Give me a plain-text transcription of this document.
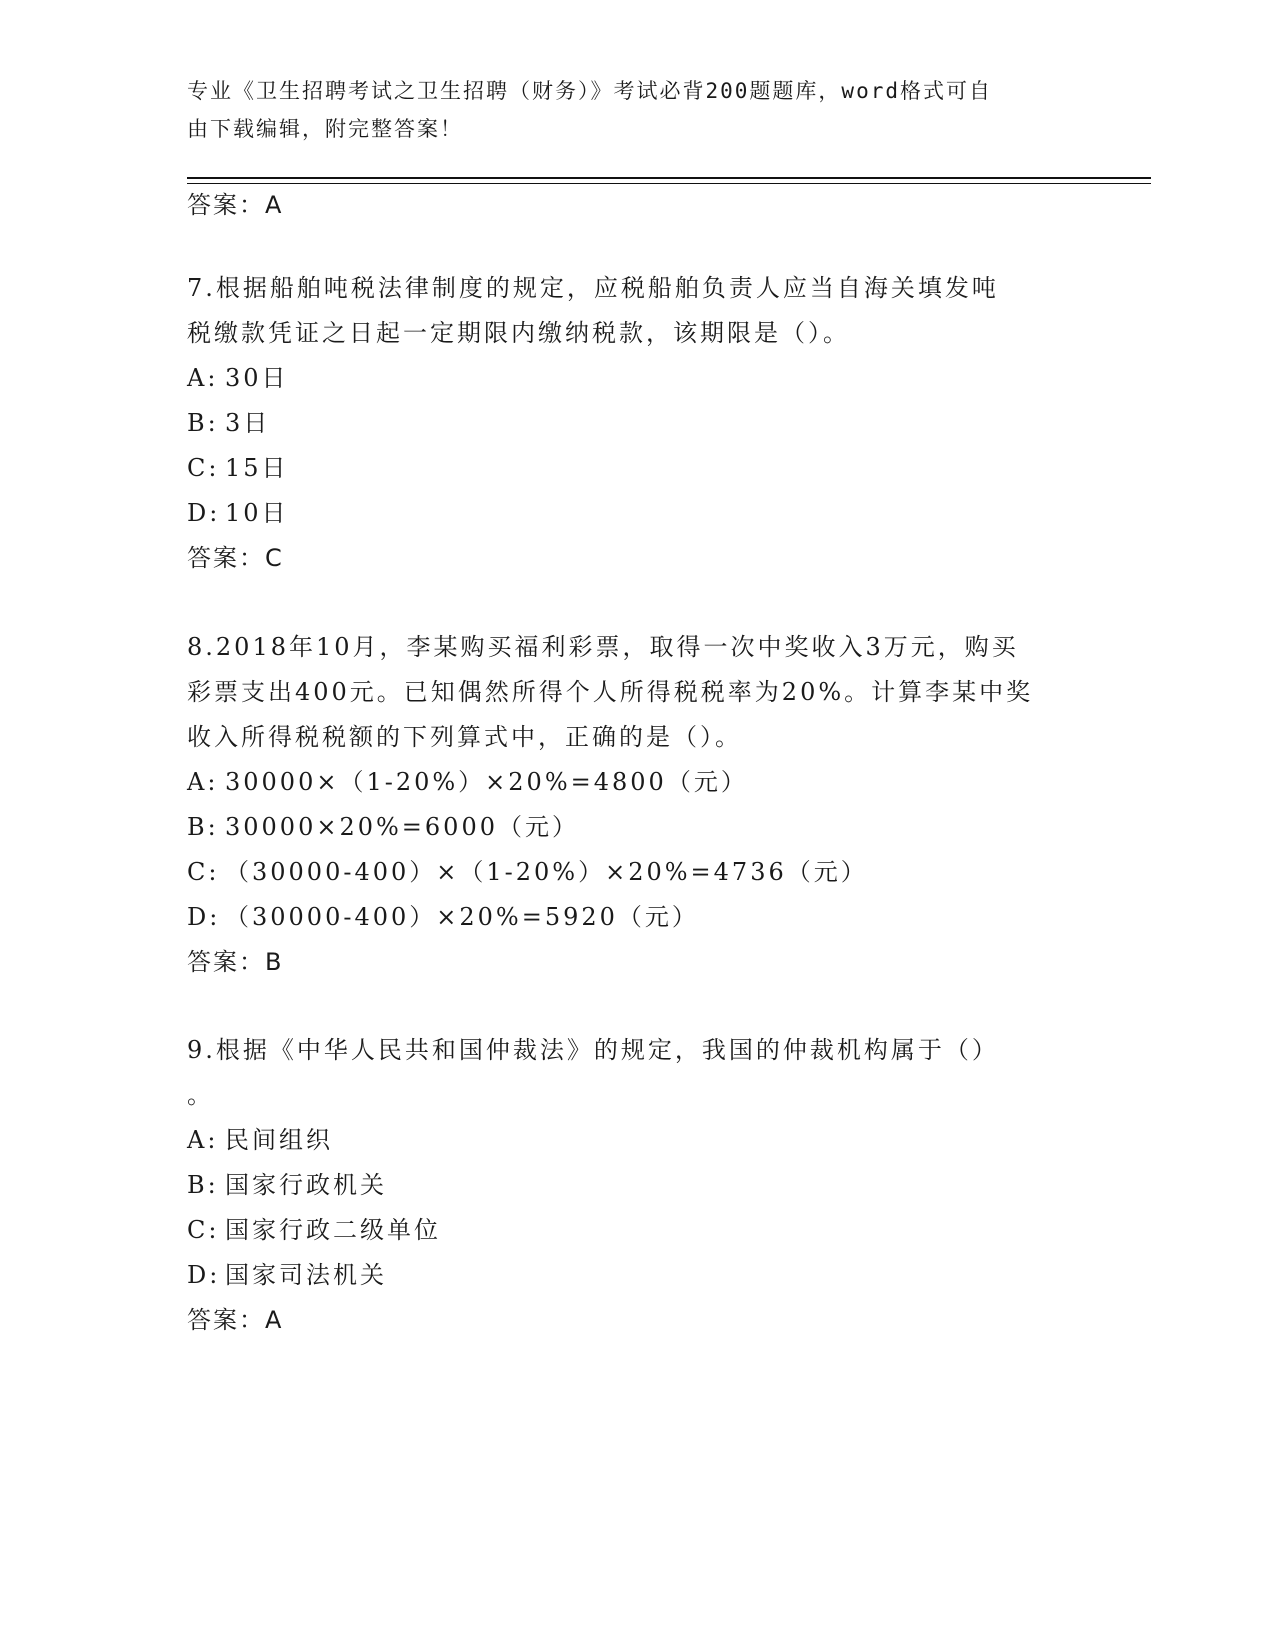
专业《卫生招聘考试之卫生招聘（财务）》考试必背200题题库，word格式可自
由下载编辑，附完整答案！
答案：A
7.根据船舶吨税法律制度的规定，应税船舶负责人应当自海关填发吨
税缴款凭证之日起一定期限内缴纳税款，该期限是（）。
A: 30日
B: 3日
C: 15日
D: 10日
答案：C
8.2018年10月，李某购买福利彩票，取得一次中奖收入3万元，购买
彩票支出400元。已知偶然所得个人所得税税率为20%。计算李某中奖
收入所得税税额的下列算式中，正确的是（）。
A: 30000×（1-20%）×20%=4800（元）
B: 30000×20%=6000（元）
C: （30000-400）×（1-20%）×20%=4736（元）
D: （30000-400）×20%=5920（元）
答案：B
9.根据《中华人民共和国仲裁法》的规定，我国的仲裁机构属于（）
。
A: 民间组织
B: 国家行政机关
C: 国家行政二级单位
D: 国家司法机关
答案：A
